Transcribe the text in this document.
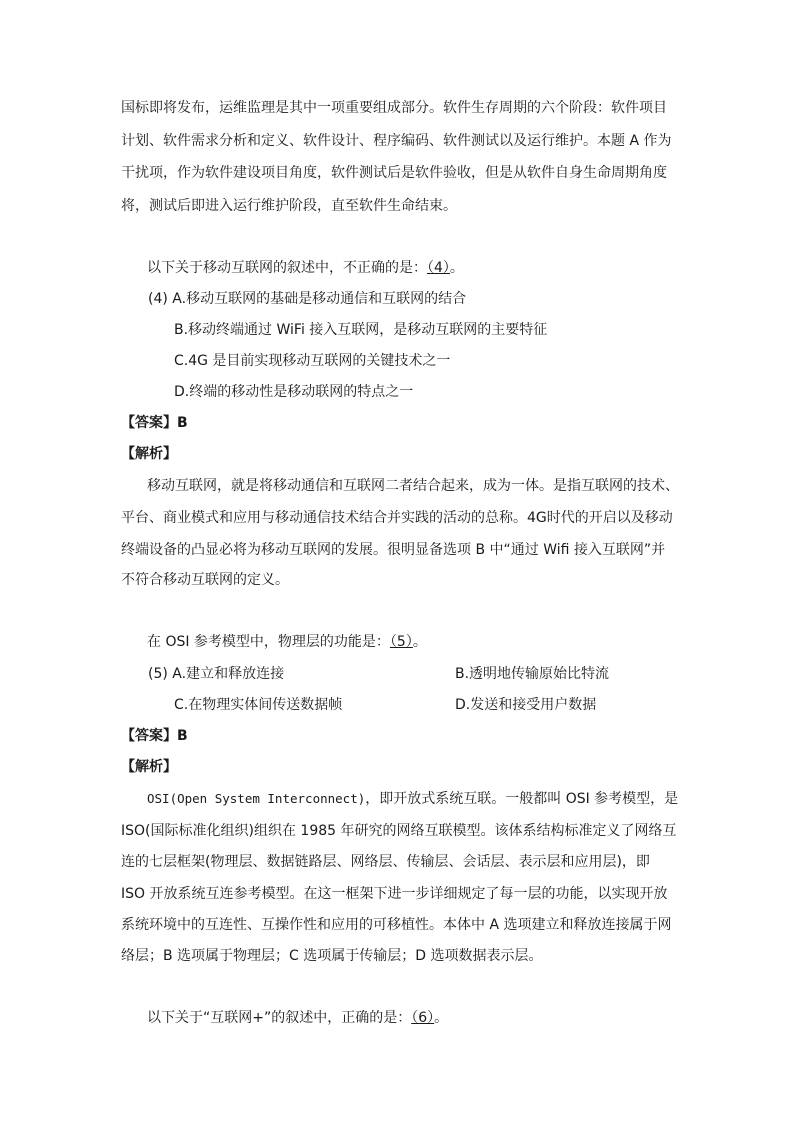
国标即将发布，运维监理是其中一项重要组成部分。软件生存周期的六个阶段：软件项目
计划、软件需求分析和定义、软件设计、程序编码、软件测试以及运行维护。本题 A 作为
干扰项，作为软件建设项目角度，软件测试后是软件验收，但是从软件自身生命周期角度
将，测试后即进入运行维护阶段，直至软件生命结束。
以下关于移动互联网的叙述中，不正确的是：（4）。
(4) A.移动互联网的基础是移动通信和互联网的结合
B.移动终端通过 WiFi 接入互联网，是移动互联网的主要特征
C.4G 是目前实现移动互联网的关键技术之一
D.终端的移动性是移动联网的特点之一
【答案】B
【解析】
移动互联网，就是将移动通信和互联网二者结合起来，成为一体。是指互联网的技术、
平台、商业模式和应用与移动通信技术结合并实践的活动的总称。4G时代的开启以及移动
终端设备的凸显必将为移动互联网的发展。很明显备选项 B 中“通过 Wifi 接入互联网”并
不符合移动互联网的定义。
在 OSI 参考模型中，物理层的功能是：（5）。
(5) A.建立和释放连接	B.透明地传输原始比特流
C.在物理实体间传送数据帧	D.发送和接受用户数据
【答案】B
【解析】
OSI(Open System Interconnect)，即开放式系统互联。一般都叫 OSI 参考模型，是
ISO(国际标准化组织)组织在 1985 年研究的网络互联模型。该体系结构标准定义了网络互
连的七层框架(物理层、数据链路层、网络层、传输层、会话层、表示层和应用层)，即
ISO 开放系统互连参考模型。在这一框架下进一步详细规定了每一层的功能，以实现开放
系统环境中的互连性、互操作性和应用的可移植性。本体中 A 选项建立和释放连接属于网
络层；B 选项属于物理层；C 选项属于传输层；D 选项数据表示层。
以下关于“互联网+”的叙述中，正确的是：（6）。
